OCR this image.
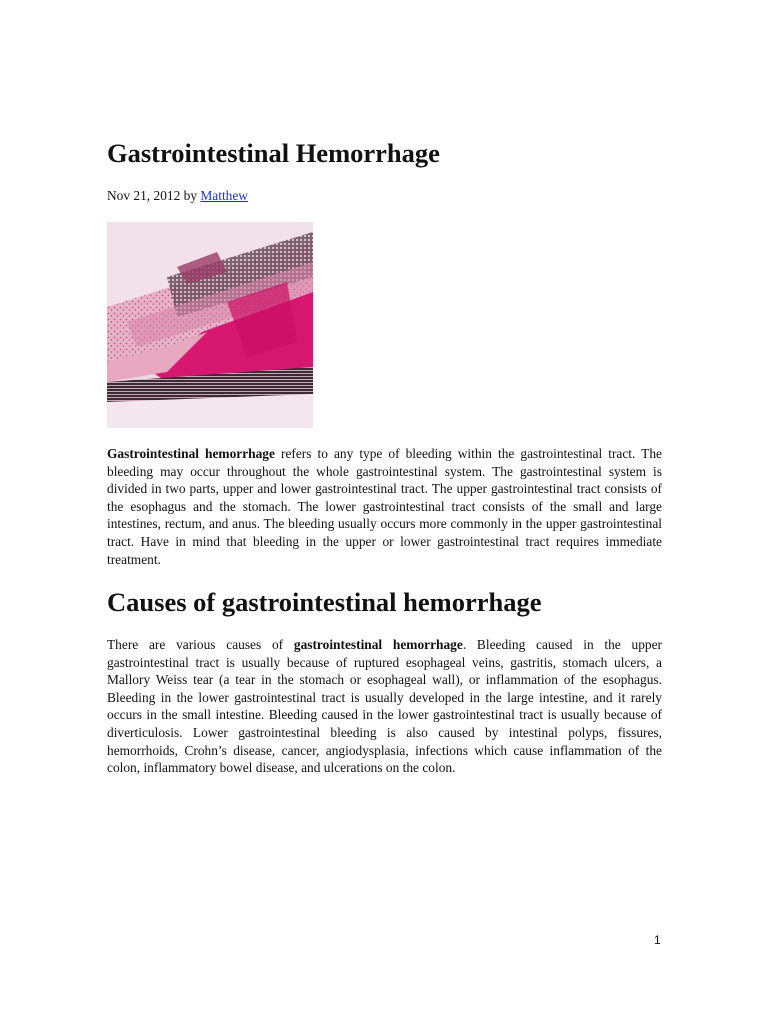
Gastrointestinal Hemorrhage
Nov 21, 2012 by Matthew

Gastrointestinal hemorrhage refers to any type of bleeding within the gastrointestinal tract. The bleeding may occur throughout the whole gastrointestinal system. The gastrointestinal system is divided in two parts, upper and lower gastrointestinal tract. The upper gastrointestinal tract consists of the esophagus and the stomach. The lower gastrointestinal tract consists of the small and large intestines, rectum, and anus. The bleeding usually occurs more commonly in the upper gastrointestinal tract. Have in mind that bleeding in the upper or lower gastrointestinal tract requires immediate treatment.

Causes of gastrointestinal hemorrhage

There are various causes of gastrointestinal hemorrhage. Bleeding caused in the upper gastrointestinal tract is usually because of ruptured esophageal veins, gastritis, stomach ulcers, a Mallory Weiss tear (a tear in the stomach or esophageal wall), or inflammation of the esophagus. Bleeding in the lower gastrointestinal tract is usually developed in the large intestine, and it rarely occurs in the small intestine. Bleeding caused in the lower gastrointestinal tract is usually because of diverticulosis. Lower gastrointestinal bleeding is also caused by intestinal polyps, fissures, hemorrhoids, Crohn’s disease, cancer, angiodysplasia, infections which cause inflammation of the colon, inflammatory bowel disease, and ulcerations on the colon.

1
